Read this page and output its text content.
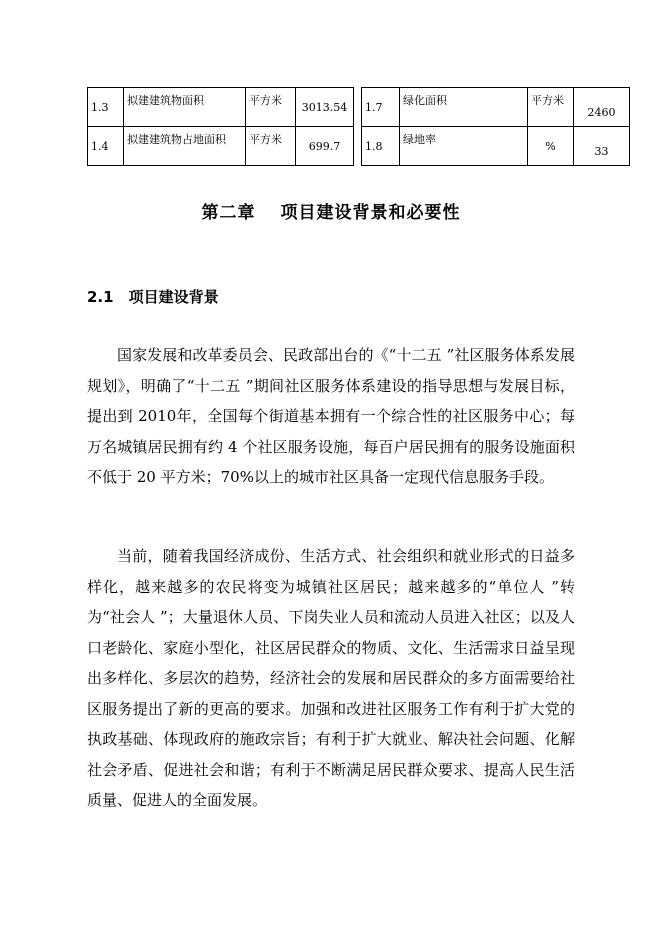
1.3	拟建建筑物面积	平方米	3013.54		1.7	绿化面积	平方米	2460
1.4	拟建建筑物占地面积	平方米	699.7		1.8	绿地率	%	33
第二章　 项目建设背景和必要性
2.1　项目建设背景

国家发展和改革委员会、民政部出台的《“十二五 ”社区服务体系发展规划》，明确了“十二五 ”期间社区服务体系建设的指导思想与发展目标，提出到 2010年，全国每个街道基本拥有一个综合性的社区服务中心；每万名城镇居民拥有约 4 个社区服务设施，每百户居民拥有的服务设施面积不低于 20 平方米；70%以上的城市社区具备一定现代信息服务手段。

当前，随着我国经济成份、生活方式、社会组织和就业形式的日益多样化，越来越多的农民将变为城镇社区居民；越来越多的“单位人 ”转为“社会人 ”；大量退休人员、下岗失业人员和流动人员进入社区；以及人口老龄化、家庭小型化，社区居民群众的物质、文化、生活需求日益呈现出多样化、多层次的趋势，经济社会的发展和居民群众的多方面需要给社区服务提出了新的更高的要求。加强和改进社区服务工作有利于扩大党的执政基础、体现政府的施政宗旨；有利于扩大就业、解决社会问题、化解社会矛盾、促进社会和谐；有利于不断满足居民群众要求、提高人民生活质量、促进人的全面发展。
